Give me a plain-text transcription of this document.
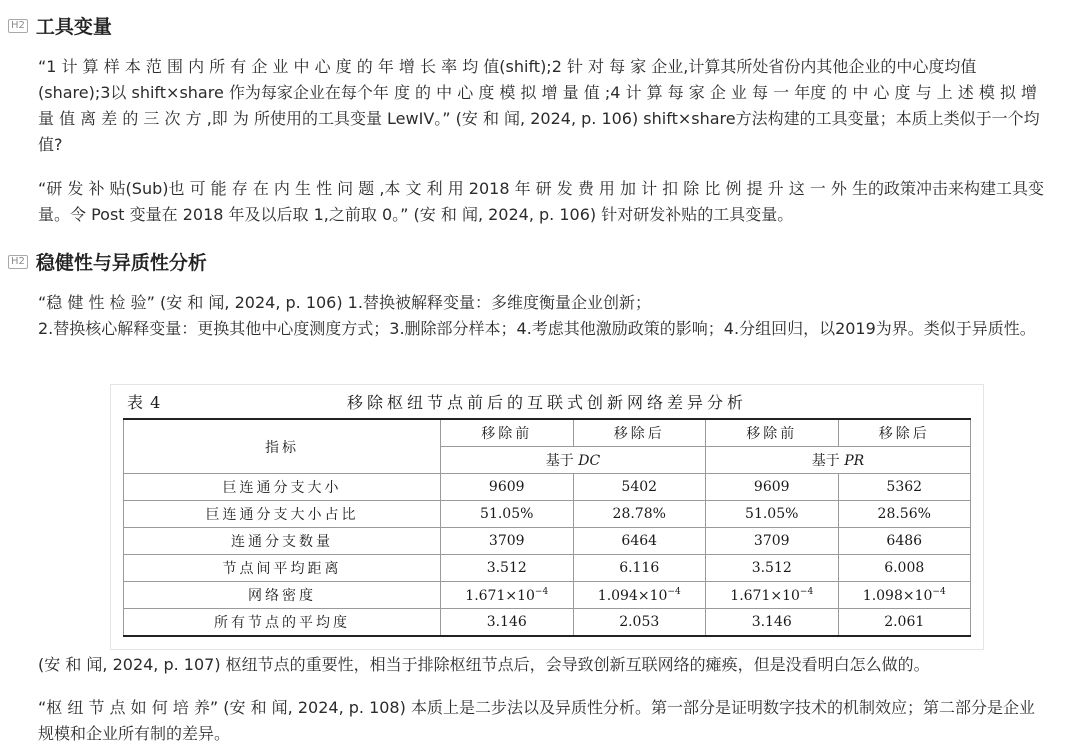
H2 工具变量

“1 计 算 样 本 范 围 内 所 有 企 业 中 心 度 的 年 增 长 率 均 值(shift);2 针 对 每 家 企业,计算其所处省份内其他企业的中心度均值(share);3以 shift×share 作为每家企业在每个年 度 的 中 心 度 模 拟 增 量 值 ;4 计 算 每 家 企 业 每 一 年度 的 中 心 度 与 上 述 模 拟 增 量 值 离 差 的 三 次 方 ,即 为 所使用的工具变量 LewIV。” (安 和 闻, 2024, p. 106) shift×share方法构建的工具变量；本质上类似于一个均值?

“研 发 补 贴(Sub)也 可 能 存 在 内 生 性 问 题 ,本 文 利 用 2018 年 研 发 费 用 加 计 扣 除 比 例 提 升 这 一 外 生的政策冲击来构建工具变量。令 Post 变量在 2018 年及以后取 1,之前取 0。” (安 和 闻, 2024, p. 106) 针对研发补贴的工具变量。

H2 稳健性与异质性分析

“稳 健 性 检 验” (安 和 闻, 2024, p. 106) 1.替换被解释变量：多维度衡量企业创新；

2.替换核心解释变量：更换其他中心度测度方式；3.删除部分样本；4.考虑其他激励政策的影响；4.分组回归，以2019为界。类似于异质性。

表 4	移除枢纽节点前后的互联式创新网络差异分析
指标	移除前	移除后	移除前	移除后
	基于 DC		基于 PR	
巨连通分支大小	9609	5402	9609	5362
巨连通分支大小占比	51.05%	28.78%	51.05%	28.56%
连通分支数量	3709	6464	3709	6486
节点间平均距离	3.512	6.116	3.512	6.008
网络密度	$1.671\times 10^{-4}$	$1.094\times 10^{-4}$	$1.671\times 10^{-4}$	$1.098\times 10^{-4}$
所有节点的平均度	3.146	2.053	3.146	2.061

(安 和 闻, 2024, p. 107) 枢纽节点的重要性，相当于排除枢纽节点后，会导致创新互联网络的瘫痪，但是没看明白怎么做的。

“枢 纽 节 点 如 何 培 养” (安 和 闻, 2024, p. 108) 本质上是二步法以及异质性分析。第一部分是证明数字技术的机制效应；第二部分是企业规模和企业所有制的差异。
